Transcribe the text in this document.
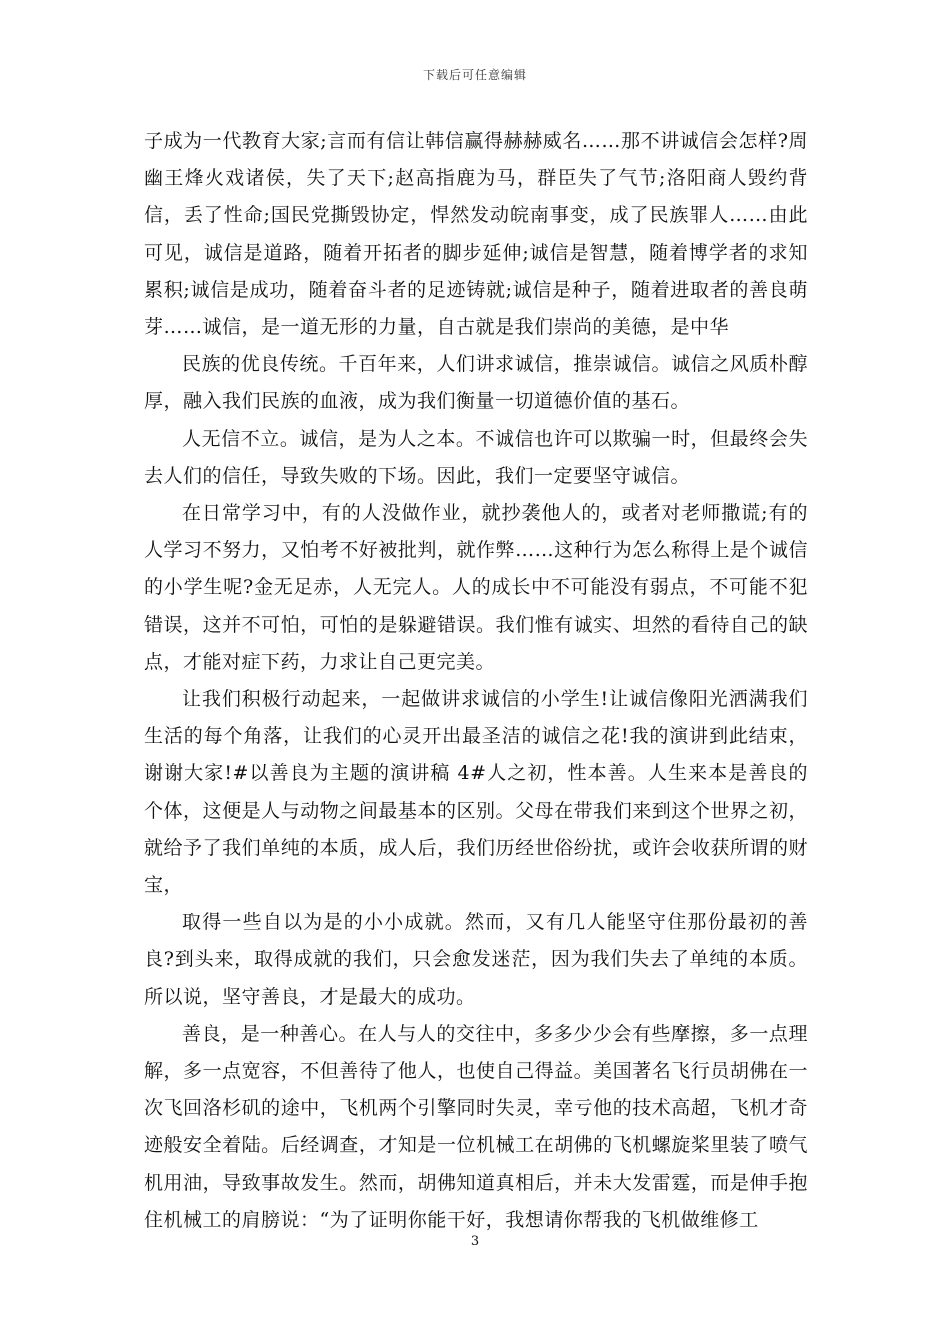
下载后可任意编辑

子成为一代教育大家;言而有信让韩信赢得赫赫威名……那不讲诚信会怎样?周幽王烽火戏诸侯，失了天下;赵高指鹿为马，群臣失了气节;洛阳商人毁约背信，丢了性命;国民党撕毁协定，悍然发动皖南事变，成了民族罪人……由此可见，诚信是道路，随着开拓者的脚步延伸;诚信是智慧，随着博学者的求知累积;诚信是成功，随着奋斗者的足迹铸就;诚信是种子，随着进取者的善良萌芽……诚信，是一道无形的力量，自古就是我们崇尚的美德，是中华

民族的优良传统。千百年来，人们讲求诚信，推崇诚信。诚信之风质朴醇厚，融入我们民族的血液，成为我们衡量一切道德价值的基石。

人无信不立。诚信，是为人之本。不诚信也许可以欺骗一时，但最终会失去人们的信任，导致失败的下场。因此，我们一定要坚守诚信。

在日常学习中，有的人没做作业，就抄袭他人的，或者对老师撒谎;有的人学习不努力，又怕考不好被批判，就作弊……这种行为怎么称得上是个诚信的小学生呢?金无足赤，人无完人。人的成长中不可能没有弱点，不可能不犯错误，这并不可怕，可怕的是躲避错误。我们惟有诚实、坦然的看待自己的缺点，才能对症下药，力求让自己更完美。

让我们积极行动起来，一起做讲求诚信的小学生!让诚信像阳光洒满我们生活的每个角落，让我们的心灵开出最圣洁的诚信之花!我的演讲到此结束，谢谢大家!#以善良为主题的演讲稿 4#人之初，性本善。人生来本是善良的个体，这便是人与动物之间最基本的区别。父母在带我们来到这个世界之初，就给予了我们单纯的本质，成人后，我们历经世俗纷扰，或许会收获所谓的财宝，

取得一些自以为是的小小成就。然而，又有几人能坚守住那份最初的善良?到头来，取得成就的我们，只会愈发迷茫，因为我们失去了单纯的本质。所以说，坚守善良，才是最大的成功。

善良，是一种善心。在人与人的交往中，多多少少会有些摩擦，多一点理解，多一点宽容，不但善待了他人，也使自己得益。美国著名飞行员胡佛在一次飞回洛杉矶的途中，飞机两个引擎同时失灵，幸亏他的技术高超，飞机才奇迹般安全着陆。后经调查，才知是一位机械工在胡佛的飞机螺旋桨里装了喷气机用油，导致事故发生。然而，胡佛知道真相后，并未大发雷霆，而是伸手抱住机械工的肩膀说：“为了证明你能干好，我想请你帮我的飞机做维修工

3
